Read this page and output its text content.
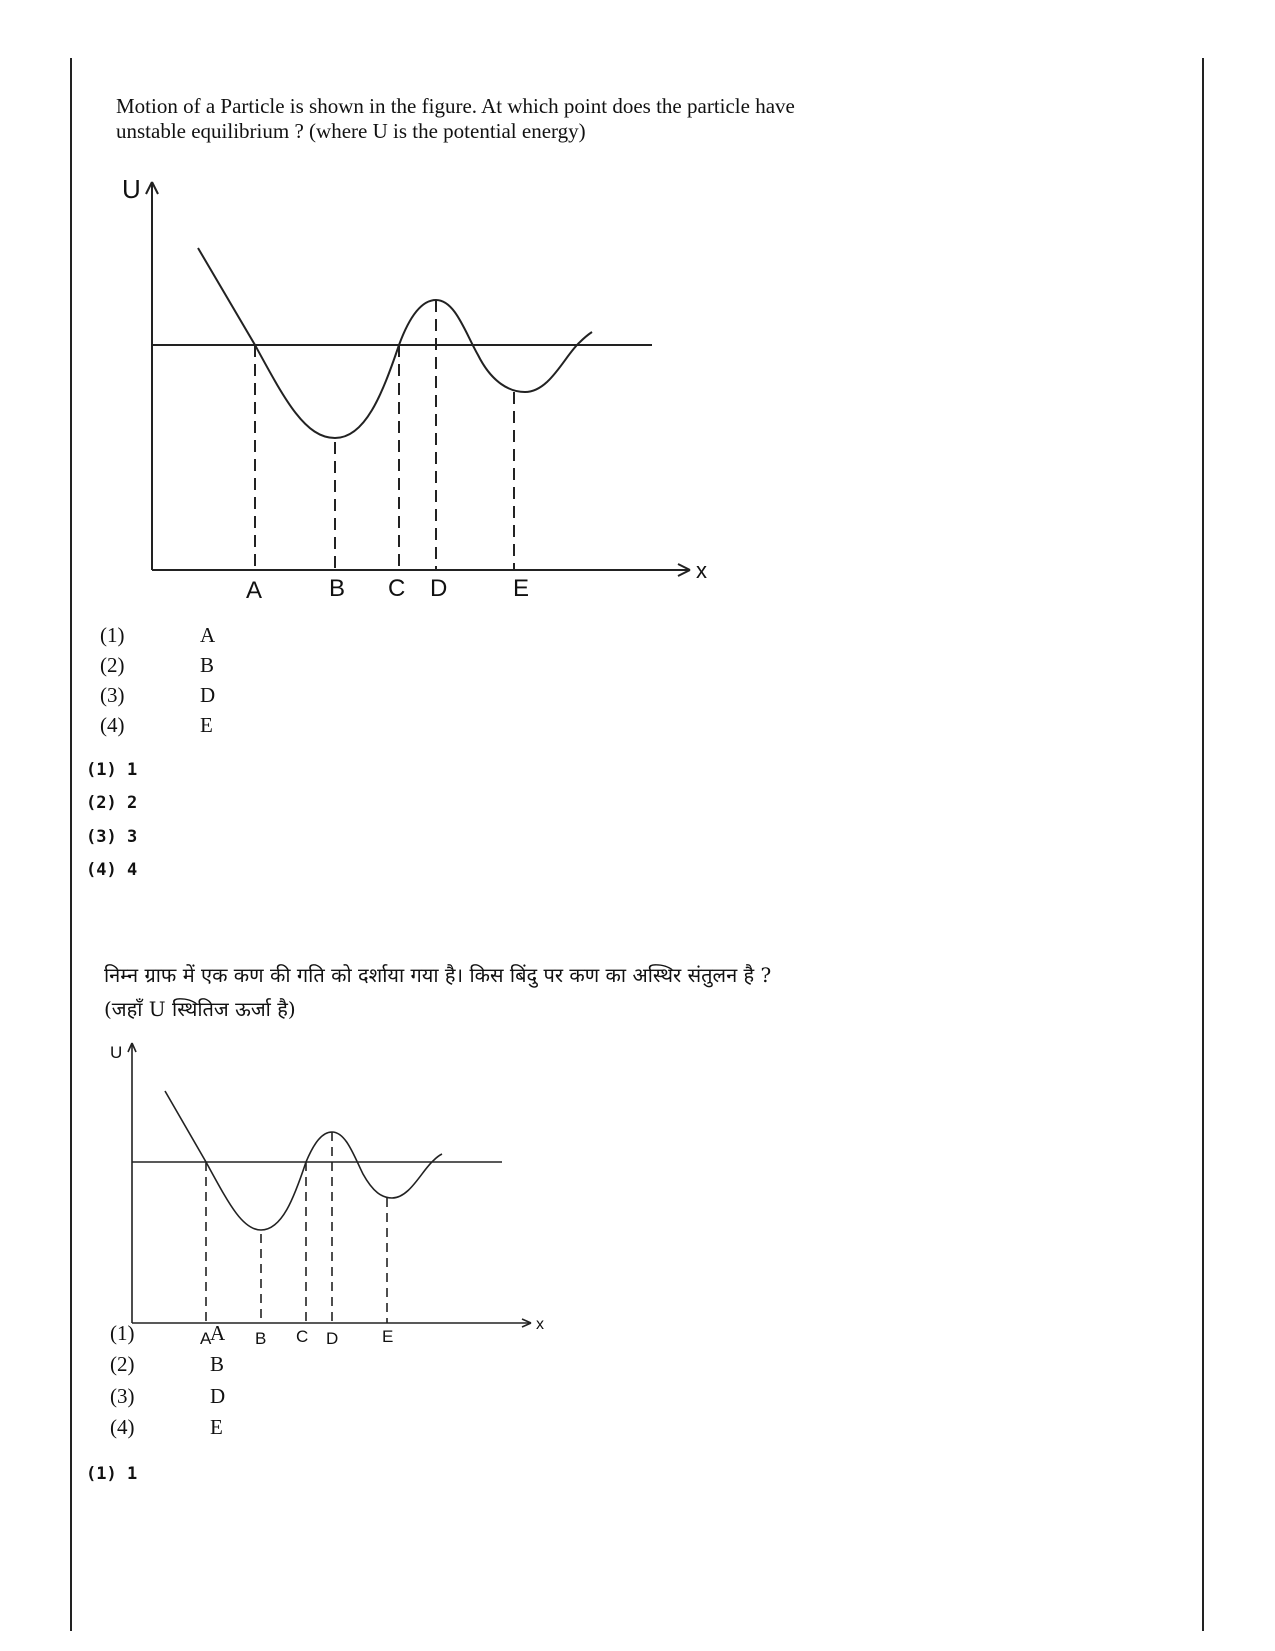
Motion of a Particle is shown in the figure. At which point does the particle have

unstable equilibrium ? (where U is the potential energy)

U
x
A	B C D	E
(1)	A
(2)	B
(3)	D
(4)	E
(1) 1
(2) 2
(3) 3
(4) 4

निम्न ग्राफ में एक कण की गति को दर्शाया गया है। किस बिंदु पर कण का अस्थिर संतुलन है ?

(जहाँ U स्थितिज ऊर्जा है)

U
x
A	B C D	E
(1)	A
(2)	B
(3)	D
(4)	E
(1) 1
